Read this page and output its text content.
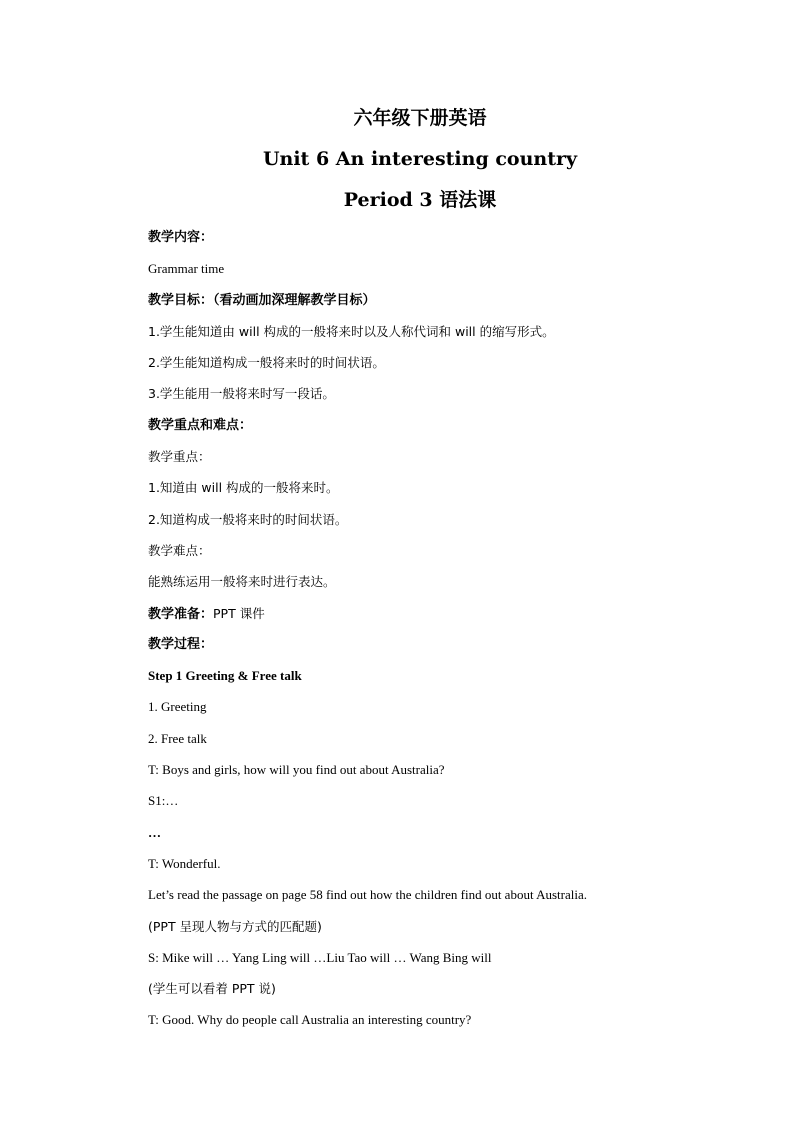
六年级下册英语
Unit 6 An interesting country
Period 3 语法课
教学内容：
Grammar time
教学目标：（看动画加深理解教学目标）
1.学生能知道由 will 构成的一般将来时以及人称代词和 will 的缩写形式。
2.学生能知道构成一般将来时的时间状语。
3.学生能用一般将来时写一段话。
教学重点和难点：
教学重点：
1.知道由 will 构成的一般将来时。
2.知道构成一般将来时的时间状语。
教学难点：
能熟练运用一般将来时进行表达。
教学准备：PPT 课件
教学过程：
Step 1 Greeting & Free talk
1. Greeting
2. Free talk
T: Boys and girls, how will you find out about Australia?
S1:…
…
T: Wonderful.
Let’s read the passage on page 58 find out how the children find out about Australia.
(PPT 呈现人物与方式的匹配题)
S: Mike will … Yang Ling will …Liu Tao will … Wang Bing will
(学生可以看着 PPT 说)
T: Good. Why do people call Australia an interesting country?
